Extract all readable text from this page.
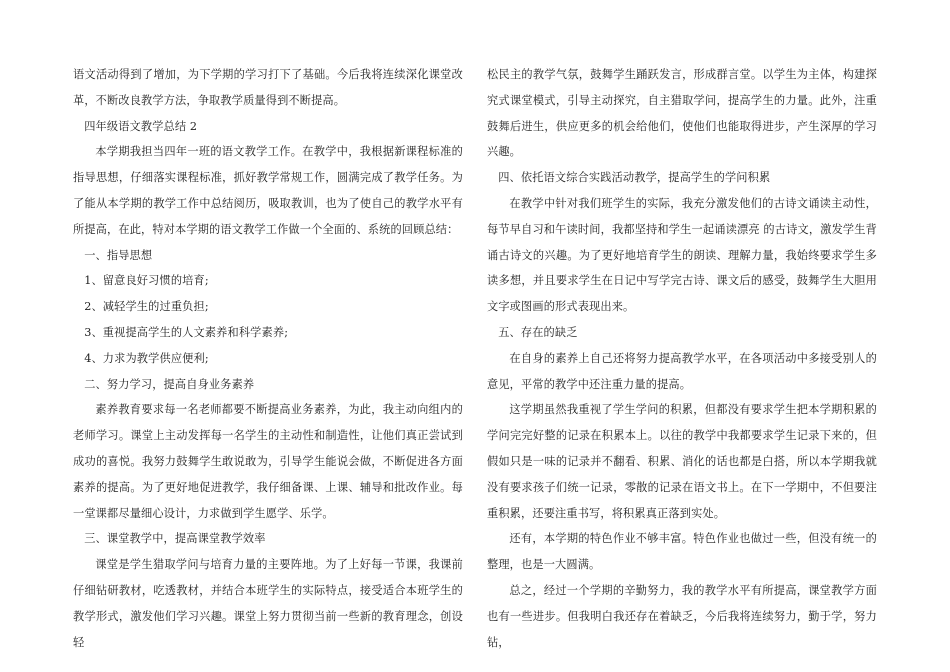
语文活动得到了增加，为下学期的学习打下了基础。今后我将连续深化课堂改革，不断改良教学方法，争取教学质量得到不断提高。

四年级语文教学总结 2

本学期我担当四年一班的语文教学工作。在教学中，我根据新课程标准的指导思想，仔细落实课程标准，抓好教学常规工作，圆满完成了教学任务。为了能从本学期的教学工作中总结阅历，吸取教训，也为了使自己的教学水平有所提高，在此，特对本学期的语文教学工作做一个全面的、系统的回顾总结：

一、指导思想

1、留意良好习惯的培育;

2、减轻学生的过重负担;

3、重视提高学生的人文素养和科学素养;

4、力求为教学供应便利;

二、努力学习，提高自身业务素养

素养教育要求每一名老师都要不断提高业务素养，为此，我主动向组内的老师学习。课堂上主动发挥每一名学生的主动性和制造性，让他们真正尝试到成功的喜悦。我努力鼓舞学生敢说敢为，引导学生能说会做，不断促进各方面素养的提高。为了更好地促进教学，我仔细备课、上课、辅导和批改作业。每一堂课都尽量细心设计，力求做到学生愿学、乐学。

三、课堂教学中，提高课堂教学效率

课堂是学生猎取学问与培育力量的主要阵地。为了上好每一节课，我课前仔细钻研教材，吃透教材，并结合本班学生的实际特点，接受适合本班学生的教学形式，激发他们学习兴趣。课堂上努力贯彻当前一些新的教育理念，创设轻

松民主的教学气氛，鼓舞学生踊跃发言，形成群言堂。以学生为主体，构建探究式课堂模式，引导主动探究，自主猎取学问，提高学生的力量。此外，注重鼓舞后进生，供应更多的机会给他们，使他们也能取得进步，产生深厚的学习兴趣。

四、依托语文综合实践活动教学，提高学生的学问积累

在教学中针对我们班学生的实际，我充分激发他们的古诗文诵读主动性，每节早自习和午读时间，我都坚持和学生一起诵读漂亮 的古诗文，激发学生背诵古诗文的兴趣。为了更好地培育学生的朗读、理解力量，我始终要求学生多读多想，并且要求学生在日记中写学完古诗、课文后的感受，鼓舞学生大胆用文字或图画的形式表现出来。

五、存在的缺乏

在自身的素养上自己还将努力提高教学水平，在各项活动中多接受别人的意见，平常的教学中还注重力量的提高。

这学期虽然我重视了学生学问的积累，但都没有要求学生把本学期积累的学问完完好整的记录在积累本上。以往的教学中我都要求学生记录下来的，但假如只是一味的记录并不翻看、积累、消化的话也都是白搭，所以本学期我就没有要求孩子们统一记录，零散的记录在语文书上。在下一学期中，不但要注重积累，还要注重书写，将积累真正落到实处。

还有，本学期的特色作业不够丰富。特色作业也做过一些，但没有统一的整理，也是一大圆满。

总之，经过一个学期的辛勤努力，我的教学水平有所提高，课堂教学方面也有一些进步。但我明白我还存在着缺乏，今后我将连续努力，勤于学，努力钻，
